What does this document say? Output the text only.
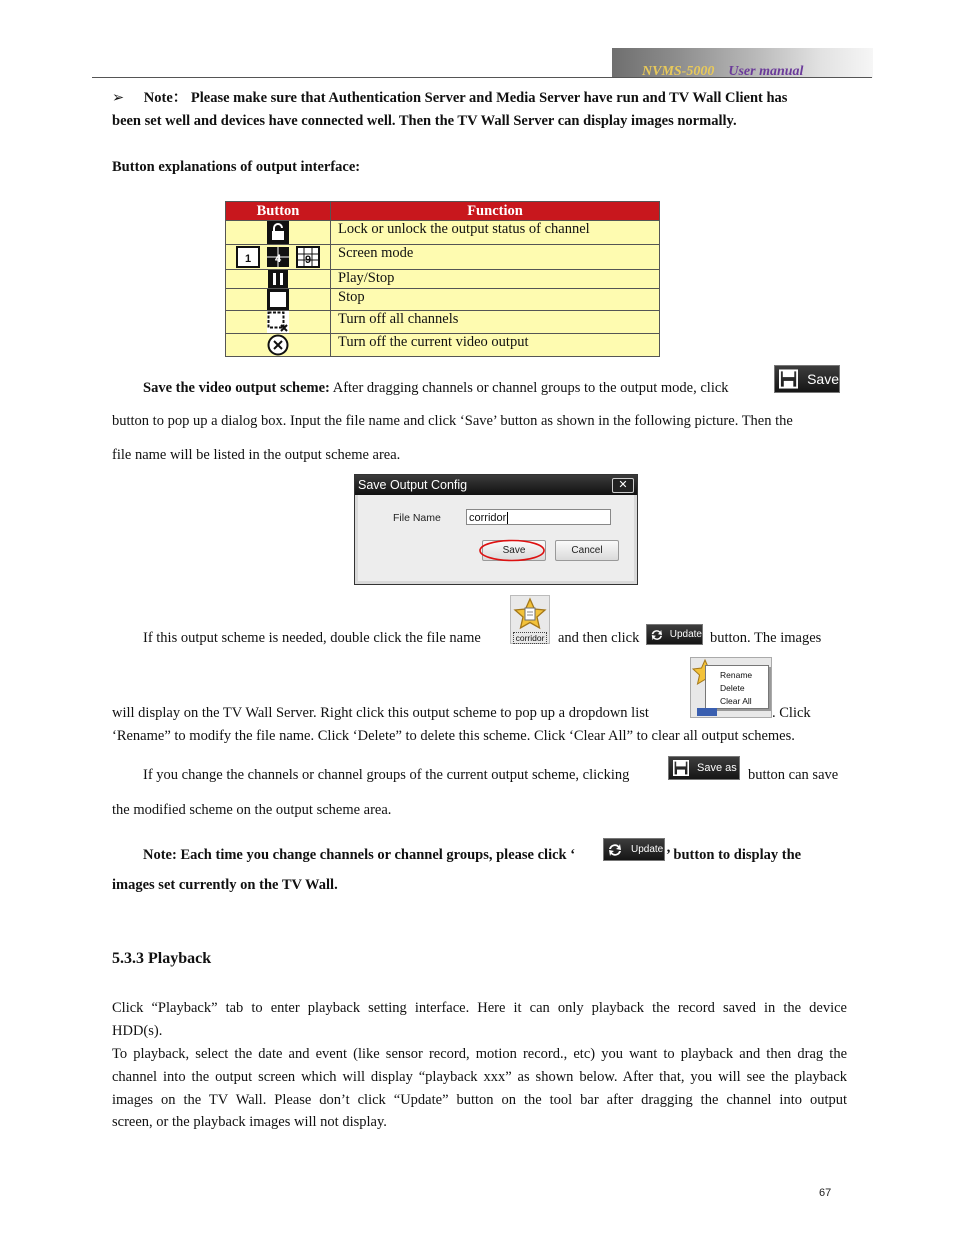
NVMS-5000 User manual
➢ Note： Please make sure that Authentication Server and Media Server have run and TV Wall Client has
been set well and devices have connected well. Then the TV Wall Server can display images normally.
Button explanations of output interface:
Button	Function
	Lock or unlock the output status of channel

1 4 9	Screen mode
	Play/Stop
	Stop
	Turn off all channels
	Turn off the current video output
Save the video output scheme: After dragging channels or channel groups to the output mode, click
Save
button to pop up a dialog box. Input the file name and click ‘Save’ button as shown in the following picture. Then the
file name will be listed in the output scheme area.
Save Output Config	✕
File Name	corridor
Save	Cancel
If this output scheme is needed, double click the file name	corridor and then click	Update button. The images
Rename
Delete
Clear All
will display on the TV Wall Server. Right click this output scheme to pop up a dropdown list	. Click
‘Rename” to modify the file name. Click ‘Delete” to delete this scheme. Click ‘Clear All” to clear all output schemes.
If you change the channels or channel groups of the current output scheme, clicking	Save as button can save
the modified scheme on the output scheme area.
Note: Each time you change channels or channel groups, please click ‘	Update ’ button to display the
images set currently on the TV Wall.
5.3.3 Playback
Click “Playback” tab to enter playback setting interface. Here it can only playback the record saved in the device
HDD(s).
To playback, select the date and event (like sensor record, motion record., etc) you want to playback and then drag the
channel into the output screen which will display “playback xxx” as shown below. After that, you will see the playback
images on the TV Wall. Please don’t click “Update” button on the tool bar after dragging the channel into output
screen, or the playback images will not display.
67
